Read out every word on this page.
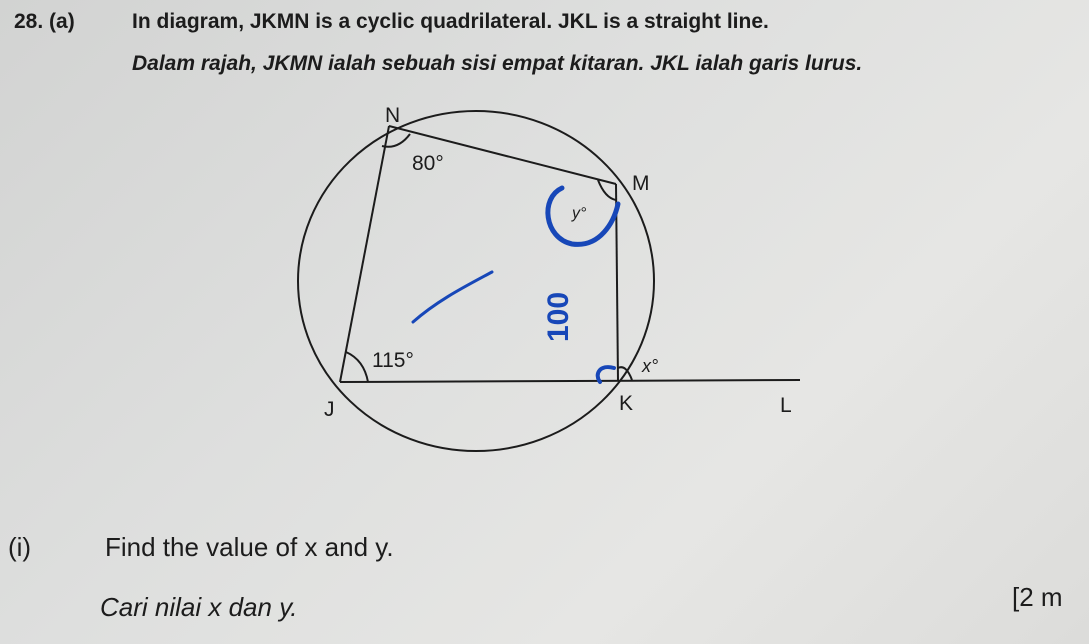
28. (a)	In diagram, JKMN is a cyclic quadrilateral. JKL is a straight line.
Dalam rajah, JKMN ialah sebuah sisi empat kitaran. JKL ialah garis lurus.
N
M
J	K	L
80°
115°
y°
x°
100
(i)	Find the value of x and y.
Cari nilai x dan y.	[2 m
